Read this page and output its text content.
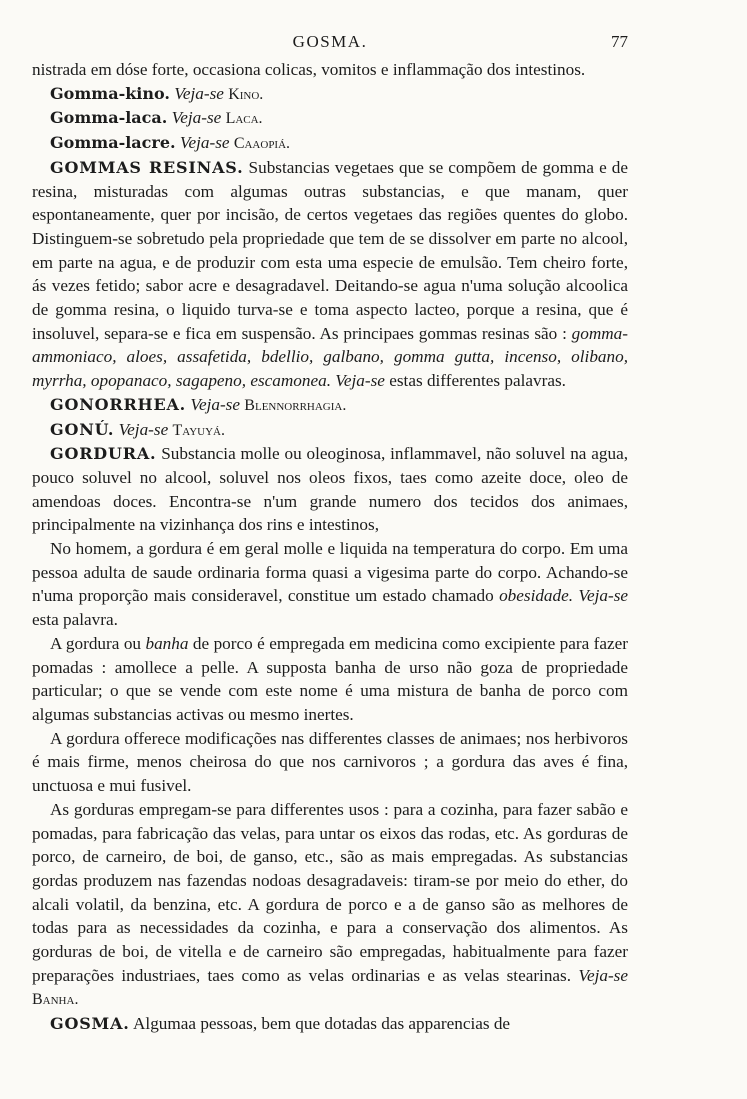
GOSMA.	77

nistrada em dóse forte, occasiona colicas, vomitos e inflammação dos intestinos.

Gomma-kino. Veja-se Kino.

Gomma-laca. Veja-se Laca.

Gomma-lacre. Veja-se Caaopiá.

GOMMAS RESINAS. Substancias vegetaes que se compõem de gomma e de resina, misturadas com algumas outras substancias, e que manam, quer espontaneamente, quer por incisão, de certos vegetaes das regiões quentes do globo. Distinguem-se sobretudo pela propriedade que tem de se dissolver em parte no alcool, em parte na agua, e de produzir com esta uma especie de emulsão. Tem cheiro forte, ás vezes fetido; sabor acre e desagradavel. Deitando-se agua n'uma solução alcoolica de gomma resina, o liquido turva-se e toma aspecto lacteo, porque a resina, que é insoluvel, separa-se e fica em suspensão. As principaes gommas resinas são : gomma-ammoniaco, aloes, assafetida, bdellio, galbano, gomma gutta, incenso, olibano, myrrha, opopanaco, sagapeno, escamonea. Veja-se estas differentes palavras.

GONORRHEA. Veja-se Blennorrhagia.

GONÚ. Veja-se Tayuyá.

GORDURA. Substancia molle ou oleoginosa, inflammavel, não soluvel na agua, pouco soluvel no alcool, soluvel nos oleos fixos, taes como azeite doce, oleo de amendoas doces. Encontra-se n'um grande numero dos tecidos dos animaes, principalmente na vizinhança dos rins e intestinos,

No homem, a gordura é em geral molle e liquida na temperatura do corpo. Em uma pessoa adulta de saude ordinaria forma quasi a vigesima parte do corpo. Achando-se n'uma proporção mais consideravel, constitue um estado chamado obesidade. Veja-se esta palavra.

A gordura ou banha de porco é empregada em medicina como excipiente para fazer pomadas : amollece a pelle. A supposta banha de urso não goza de propriedade particular; o que se vende com este nome é uma mistura de banha de porco com algumas substancias activas ou mesmo inertes.

A gordura offerece modificações nas differentes classes de animaes; nos herbivoros é mais firme, menos cheirosa do que nos carnivoros ; a gordura das aves é fina, unctuosa e mui fusivel.

As gorduras empregam-se para differentes usos : para a cozinha, para fazer sabão e pomadas, para fabricação das velas, para untar os eixos das rodas, etc. As gorduras de porco, de carneiro, de boi, de ganso, etc., são as mais empregadas. As substancias gordas produzem nas fazendas nodoas desagradaveis: tiram-se por meio do ether, do alcali volatil, da benzina, etc. A gordura de porco e a de ganso são as melhores de todas para as necessidades da cozinha, e para a conservação dos alimentos. As gorduras de boi, de vitella e de carneiro são empregadas, habitualmente para fazer preparações industriaes, taes como as velas ordinarias e as velas stearinas. Veja-se Banha.

GOSMA. Algumaa pessoas, bem que dotadas das apparencias de
